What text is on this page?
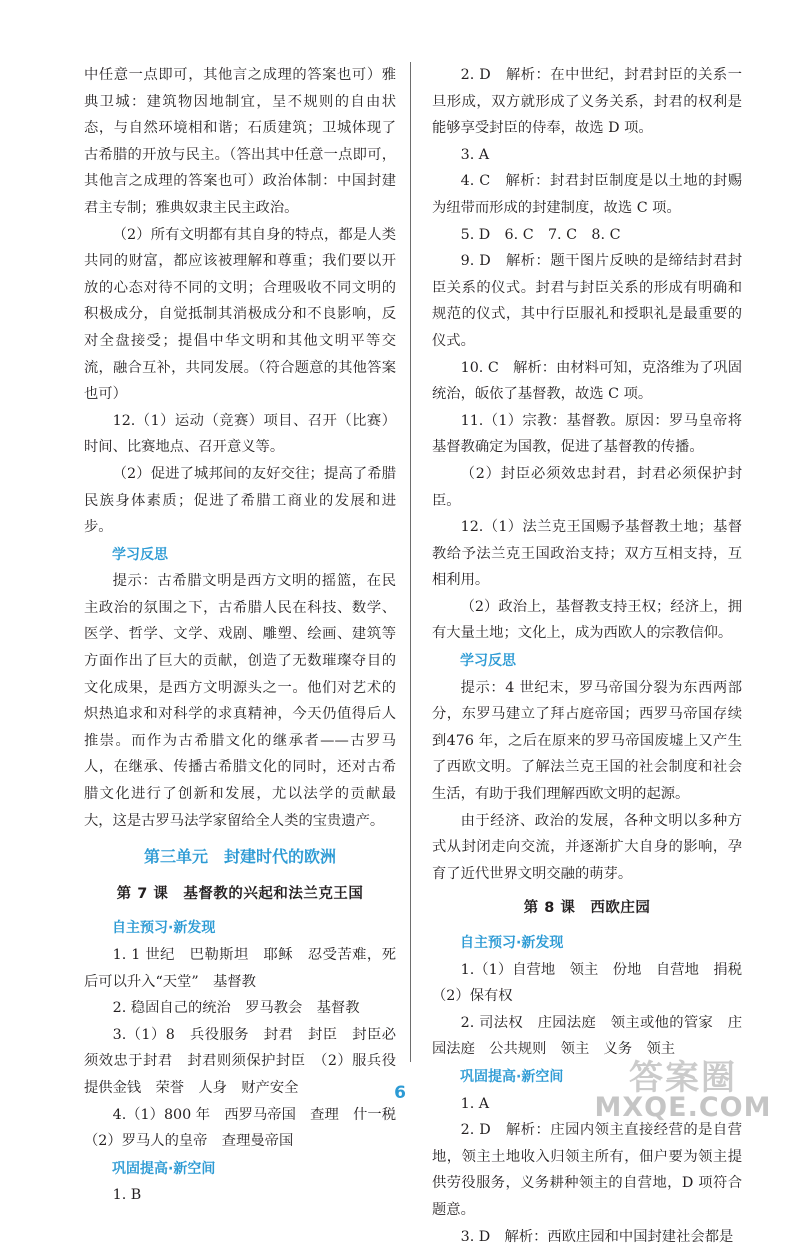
中任意一点即可，其他言之成理的答案也可）雅典卫城：建筑物因地制宜，呈不规则的自由状态，与自然环境相和谐；石质建筑；卫城体现了古希腊的开放与民主。（答出其中任意一点即可，其他言之成理的答案也可）政治体制：中国封建君主专制；雅典奴隶主民主政治。

（2）所有文明都有其自身的特点，都是人类共同的财富，都应该被理解和尊重；我们要以开放的心态对待不同的文明；合理吸收不同文明的积极成分，自觉抵制其消极成分和不良影响，反对全盘接受；提倡中华文明和其他文明平等交流，融合互补，共同发展。（符合题意的其他答案也可）

12.（1）运动（竞赛）项目、召开（比赛）时间、比赛地点、召开意义等。

（2）促进了城邦间的友好交往；提高了希腊民族身体素质；促进了希腊工商业的发展和进步。

学习反思

提示：古希腊文明是西方文明的摇篮，在民主政治的氛围之下，古希腊人民在科技、数学、医学、哲学、文学、戏剧、雕塑、绘画、建筑等方面作出了巨大的贡献，创造了无数璀璨夺目的文化成果，是西方文明源头之一。他们对艺术的炽热追求和对科学的求真精神，今天仍值得后人推崇。而作为古希腊文化的继承者——古罗马人，在继承、传播古希腊文化的同时，还对古希腊文化进行了创新和发展，尤以法学的贡献最大，这是古罗马法学家留给全人类的宝贵遗产。

第三单元　封建时代的欧洲
第 7 课　基督教的兴起和法兰克王国
自主预习·新发现

1. 1 世纪　巴勒斯坦　耶稣　忍受苦难，死后可以升入“天堂”　基督教

2. 稳固自己的统治　罗马教会　基督教

3.（1）8　兵役服务　封君　封臣　封臣必须效忠于封君　封君则须保护封臣　（2）服兵役　提供金钱　荣誉　人身　财产安全

4.（1）800 年　西罗马帝国　查理　什一税　（2）罗马人的皇帝　查理曼帝国

巩固提高·新空间

1. B

2. D　解析：在中世纪，封君封臣的关系一旦形成，双方就形成了义务关系，封君的权利是能够享受封臣的侍奉，故选 D 项。

3. A

4. C　解析：封君封臣制度是以土地的封赐为纽带而形成的封建制度，故选 C 项。

5. D　6. C　7. C　8. C

9. D　解析：题干图片反映的是缔结封君封臣关系的仪式。封君与封臣关系的形成有明确和规范的仪式，其中行臣服礼和授职礼是最重要的仪式。

10. C　解析：由材料可知，克洛维为了巩固统治，皈依了基督教，故选 C 项。

11.（1）宗教：基督教。原因：罗马皇帝将基督教确定为国教，促进了基督教的传播。

（2）封臣必须效忠封君，封君必须保护封臣。

12.（1）法兰克王国赐予基督教土地；基督教给予法兰克王国政治支持；双方互相支持，互相利用。

（2）政治上，基督教支持王权；经济上，拥有大量土地；文化上，成为西欧人的宗教信仰。

学习反思

提示：4 世纪末，罗马帝国分裂为东西两部分，东罗马建立了拜占庭帝国；西罗马帝国存续到476 年，之后在原来的罗马帝国废墟上又产生了西欧文明。了解法兰克王国的社会制度和社会生活，有助于我们理解西欧文明的起源。

由于经济、政治的发展，各种文明以多种方式从封闭走向交流，并逐渐扩大自身的影响，孕育了近代世界文明交融的萌芽。

第 8 课　西欧庄园
自主预习·新发现

1.（1）自营地　领主　份地　自营地　捐税　（2）保有权

2. 司法权　庄园法庭　领主或他的管家　庄园法庭　公共规则　领主　义务　领主

巩固提高·新空间

1. A

2. D　解析：庄园内领主直接经营的是自营地，领主土地收入归领主所有，佃户要为领主提供劳役服务，义务耕种领主的自营地，D 项符合题意。

3. D　解析：西欧庄园和中国封建社会都是

6	答案圈
MXQE.COM
